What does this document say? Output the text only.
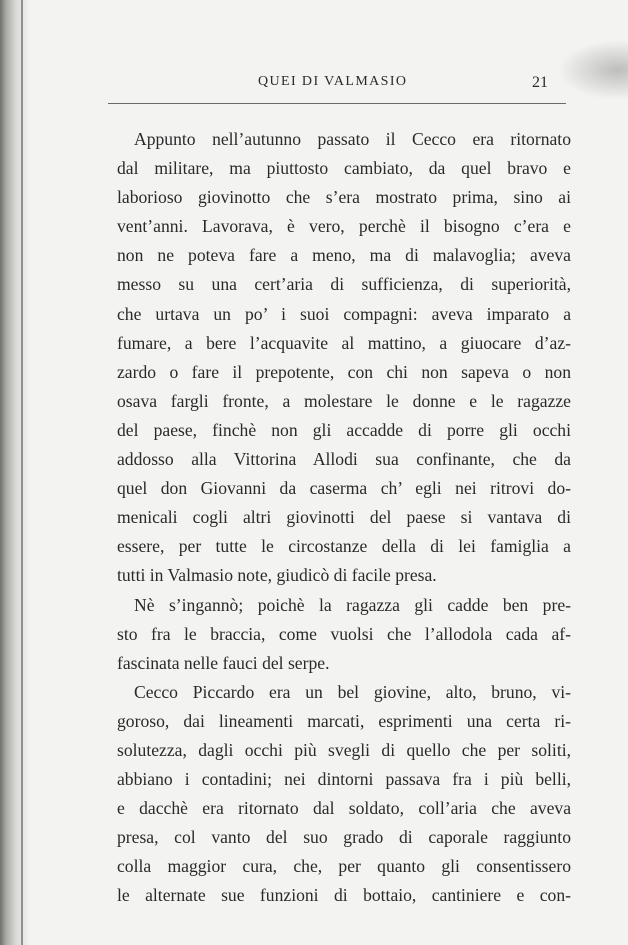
QUEI DI VALMASIO	21

Appunto nell’autunno passato il Cecco era ritornato
dal militare, ma piuttosto cambiato, da quel bravo e
laborioso giovinotto che s’era mostrato prima, sino ai
vent’anni. Lavorava, è vero, perchè il bisogno c’era e
non ne poteva fare a meno, ma di malavoglia; aveva
messo su una cert’aria di sufficienza, di superiorità,
che urtava un po’ i suoi compagni: aveva imparato a
fumare, a bere l’acquavite al mattino, a giuocare d’az-
zardo o fare il prepotente, con chi non sapeva o non
osava fargli fronte, a molestare le donne e le ragazze
del paese, finchè non gli accadde di porre gli occhi
addosso alla Vittorina Allodi sua confinante, che da
quel don Giovanni da caserma ch’ egli nei ritrovi do-
menicali cogli altri giovinotti del paese si vantava di
essere, per tutte le circostanze della di lei famiglia a
tutti in Valmasio note, giudicò di facile presa.

Nè s’ingannò; poichè la ragazza gli cadde ben pre-
sto fra le braccia, come vuolsi che l’allodola cada af-
fascinata nelle fauci del serpe.

Cecco Piccardo era un bel giovine, alto, bruno, vi-
goroso, dai lineamenti marcati, esprimenti una certa ri-
solutezza, dagli occhi più svegli di quello che per soliti,
abbiano i contadini; nei dintorni passava fra i più belli,
e dacchè era ritornato dal soldato, coll’aria che aveva
presa, col vanto del suo grado di caporale raggiunto
colla maggior cura, che, per quanto gli consentissero
le alternate sue funzioni di bottaio, cantiniere e con-
